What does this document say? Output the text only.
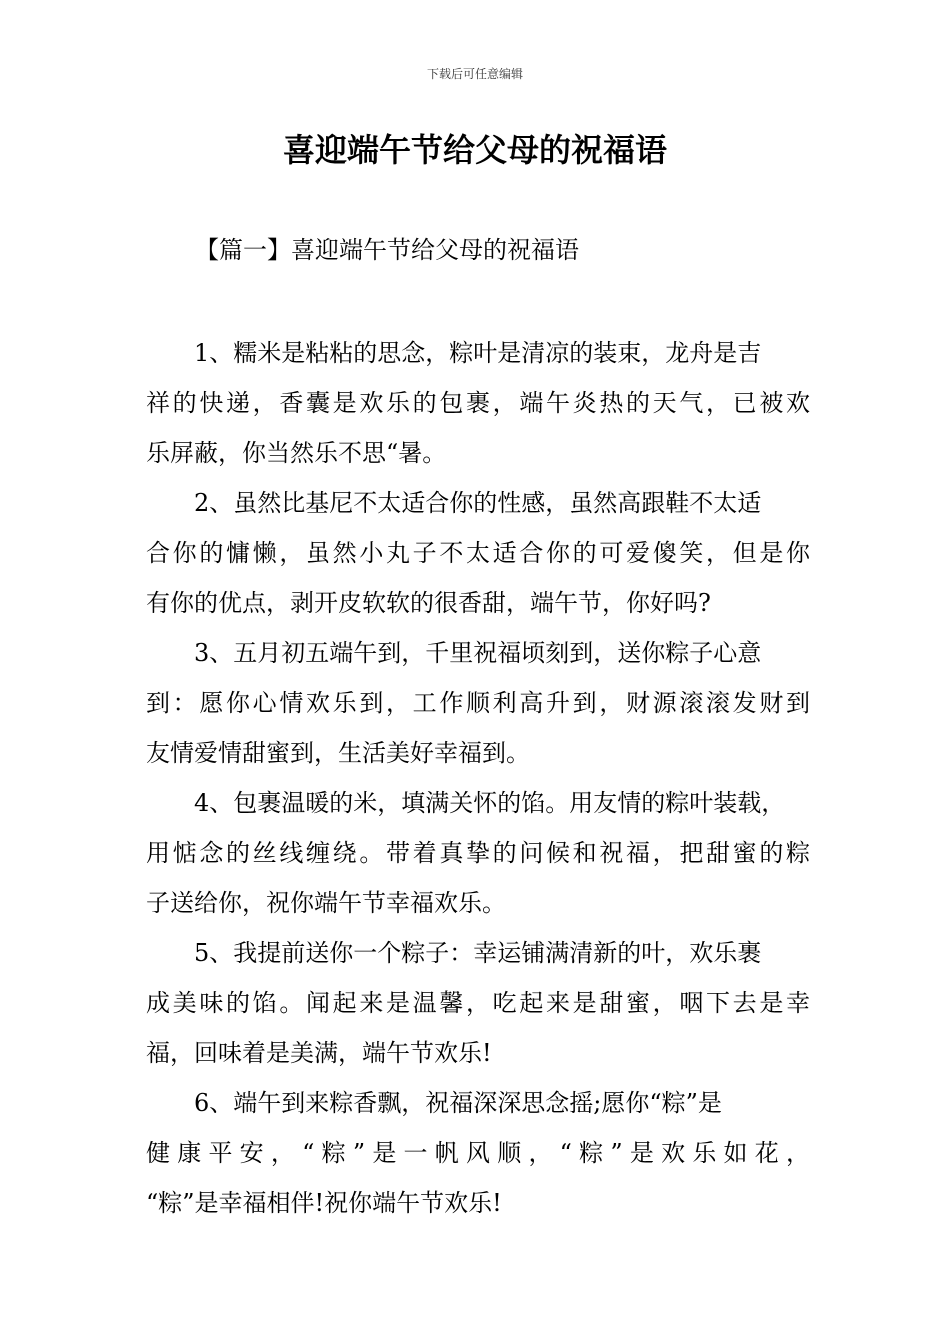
下载后可任意编辑
喜迎端午节给父母的祝福语
【篇一】喜迎端午节给父母的祝福语

1、糯米是粘粘的思念，粽叶是清凉的装束，龙舟是吉
祥的快递，香囊是欢乐的包裹，端午炎热的天气，已被欢
乐屏蔽，你当然乐不思“暑。

2、虽然比基尼不太适合你的性感，虽然高跟鞋不太适
合你的慵懒，虽然小丸子不太适合你的可爱傻笑，但是你
有你的优点，剥开皮软软的很香甜，端午节，你好吗?

3、五月初五端午到，千里祝福顷刻到，送你粽子心意
到：愿你心情欢乐到，工作顺利高升到，财源滚滚发财到
友情爱情甜蜜到，生活美好幸福到。

4、包裹温暖的米，填满关怀的馅。用友情的粽叶装载，
用惦念的丝线缠绕。带着真挚的问候和祝福，把甜蜜的粽
子送给你，祝你端午节幸福欢乐。

5、我提前送你一个粽子：幸运铺满清新的叶，欢乐裹
成美味的馅。闻起来是温馨，吃起来是甜蜜，咽下去是幸
福，回味着是美满，端午节欢乐!

6、端午到来粽香飘，祝福深深思念摇;愿你“粽”是
健康平安，“粽”是一帆风顺，“粽”是欢乐如花，
“粽”是幸福相伴!祝你端午节欢乐!
